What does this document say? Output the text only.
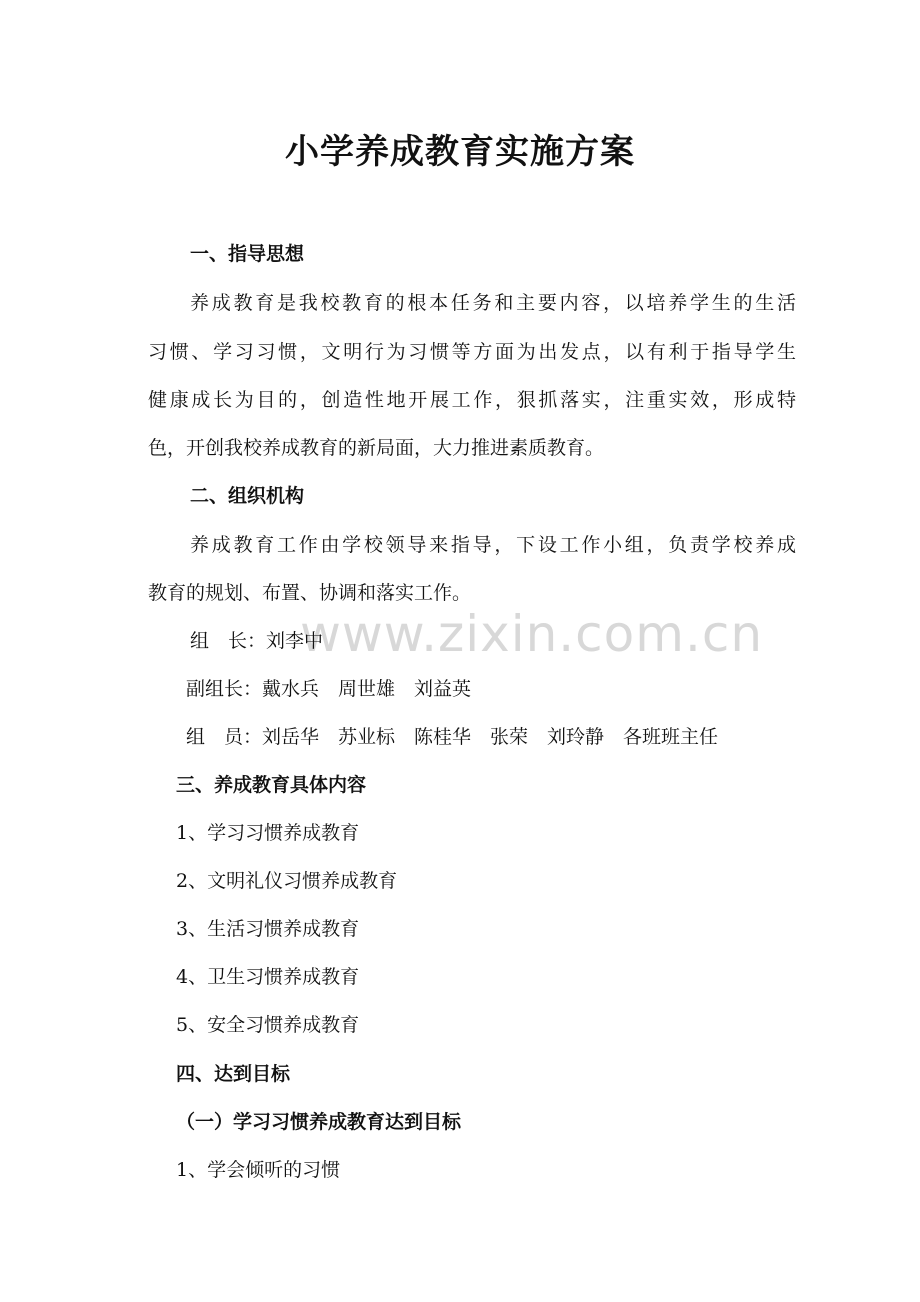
小学养成教育实施方案
www.zixin.com.cn
一、指导思想
养成教育是我校教育的根本任务和主要内容，以培养学生的生活
习惯、学习习惯，文明行为习惯等方面为出发点，以有利于指导学生
健康成长为目的，创造性地开展工作，狠抓落实，注重实效，形成特
色，开创我校养成教育的新局面，大力推进素质教育。
二、组织机构
养成教育工作由学校领导来指导，下设工作小组，负责学校养成
教育的规划、布置、协调和落实工作。
组　长：刘李中
副组长：戴水兵　周世雄　刘益英
组　员：刘岳华　苏业标　陈桂华　张荣　刘玲静　各班班主任
三、养成教育具体内容
1、学习习惯养成教育
2、文明礼仪习惯养成教育
3、生活习惯养成教育
4、卫生习惯养成教育
5、安全习惯养成教育
四、达到目标
（一）学习习惯养成教育达到目标
1、学会倾听的习惯
